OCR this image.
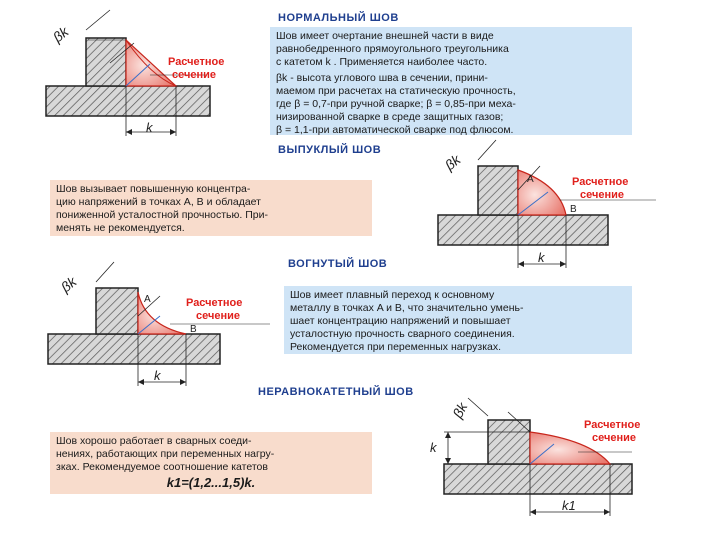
βk
k
Расчетное
сечение
βk
k
A
B
Расчетное
сечение
βk
k
A
B
Расчетное
сечение
k
βk
k1
Расчетное
сечение
НОРМАЛЬНЫЙ ШОВ
Шов имеет очертание внешней части в виде
равнобедренного прямоугольного треугольника
с катетом k . Применяется наиболее часто.
βk - высота углового шва в сечении, прини-
маемом при расчетах на статическую прочность,
где β = 0,7-при ручной сварке; β = 0,85-при меха-
низированной сварке в среде защитных газов;
β = 1,1-при автоматической сварке под флюсом.
ВЫПУКЛЫЙ ШОВ
Шов вызывает повышенную концентра-
цию напряжений в точках A, B и обладает
пониженной усталостной прочностью. При-
менять не рекомендуется.
ВОГНУТЫЙ ШОВ
Шов имеет плавный переход к основному
металлу в точках A и B, что значительно умень-
шает концентрацию напряжений и повышает
усталостную прочность сварного соединения.
Рекомендуется при переменных нагрузках.
НЕРАВНОКАТЕТНЫЙ ШОВ
Шов хорошо работает в сварных соеди-
нениях, работающих при переменных нагру-
зках. Рекомендуемое соотношение катетов
k1=(1,2...1,5)k.
